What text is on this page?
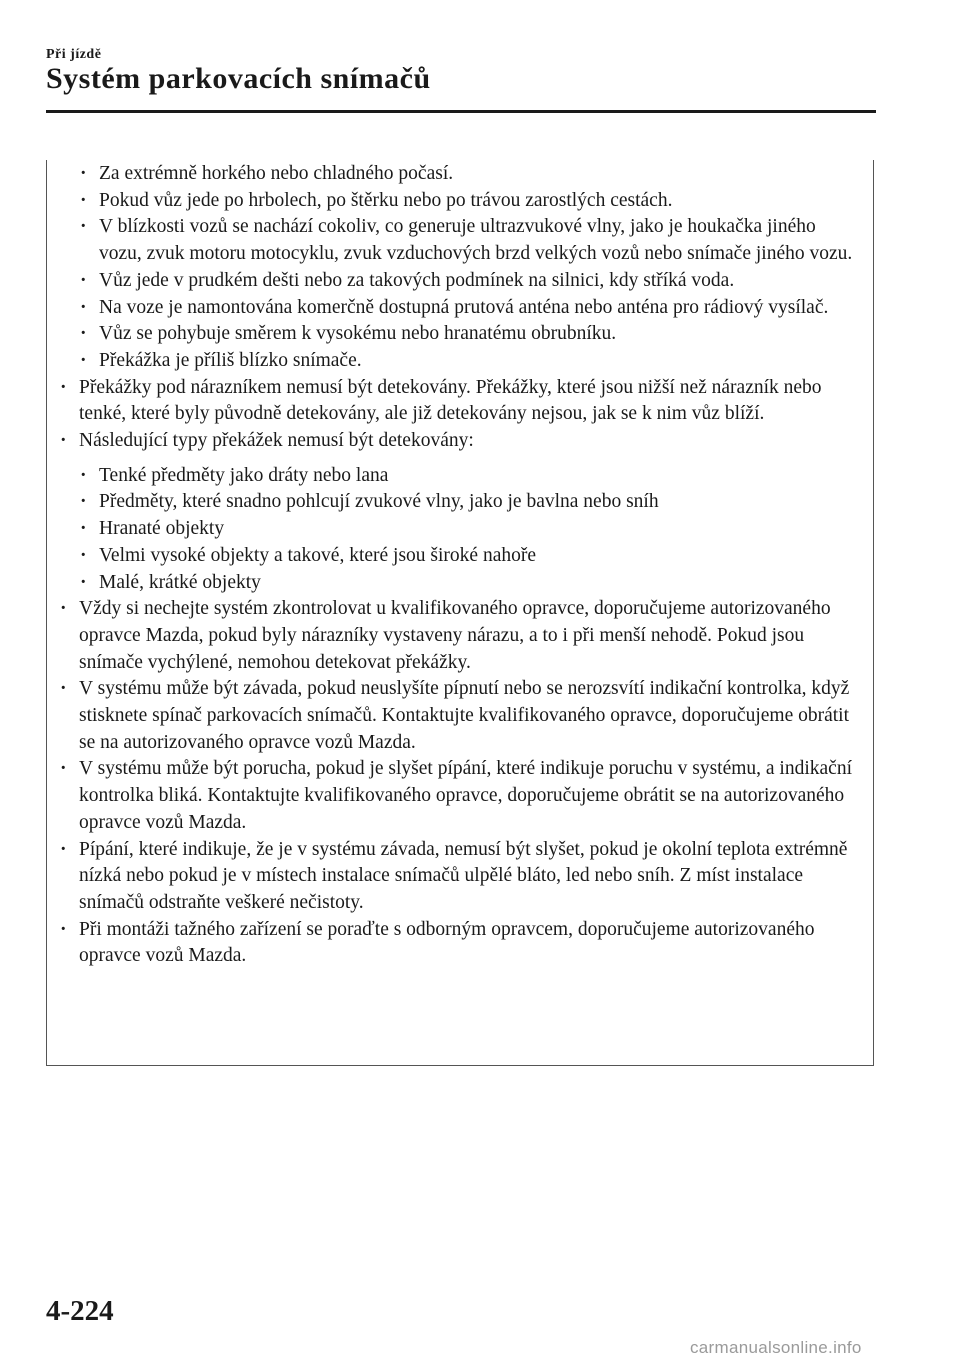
Při jízdě
Systém parkovacích snímačů
· Za extrémně horkého nebo chladného počasí.
· Pokud vůz jede po hrbolech, po štěrku nebo po trávou zarostlých cestách.
· V blízkosti vozů se nachází cokoliv, co generuje ultrazvukové vlny, jako je houkačka jiného vozu, zvuk motoru motocyklu, zvuk vzduchových brzd velkých vozů nebo snímače jiného vozu.
· Vůz jede v prudkém dešti nebo za takových podmínek na silnici, kdy stříká voda.
· Na voze je namontována komerčně dostupná prutová anténa nebo anténa pro rádiový vysílač.
· Vůz se pohybuje směrem k vysokému nebo hranatému obrubníku.
· Překážka je příliš blízko snímače.
· Překážky pod nárazníkem nemusí být detekovány. Překážky, které jsou nižší než nárazník nebo tenké, které byly původně detekovány, ale již detekovány nejsou, jak se k nim vůz blíží.
· Následující typy překážek nemusí být detekovány:
· Tenké předměty jako dráty nebo lana
· Předměty, které snadno pohlcují zvukové vlny, jako je bavlna nebo sníh
· Hranaté objekty
· Velmi vysoké objekty a takové, které jsou široké nahoře
· Malé, krátké objekty
· Vždy si nechejte systém zkontrolovat u kvalifikovaného opravce, doporučujeme autorizovaného opravce Mazda, pokud byly nárazníky vystaveny nárazu, a to i při menší nehodě. Pokud jsou snímače vychýlené, nemohou detekovat překážky.
· V systému může být závada, pokud neuslyšíte pípnutí nebo se nerozsvítí indikační kontrolka, když stisknete spínač parkovacích snímačů. Kontaktujte kvalifikovaného opravce, doporučujeme obrátit se na autorizovaného opravce vozů Mazda.
· V systému může být porucha, pokud je slyšet pípání, které indikuje poruchu v systému, a indikační kontrolka bliká. Kontaktujte kvalifikovaného opravce, doporučujeme obrátit se na autorizovaného opravce vozů Mazda.
· Pípání, které indikuje, že je v systému závada, nemusí být slyšet, pokud je okolní teplota extrémně nízká nebo pokud je v místech instalace snímačů ulpělé bláto, led nebo sníh. Z míst instalace snímačů odstraňte veškeré nečistoty.
· Při montáži tažného zařízení se poraďte s odborným opravcem, doporučujeme autorizovaného opravce vozů Mazda.
4-224
carmanualsonline.info
